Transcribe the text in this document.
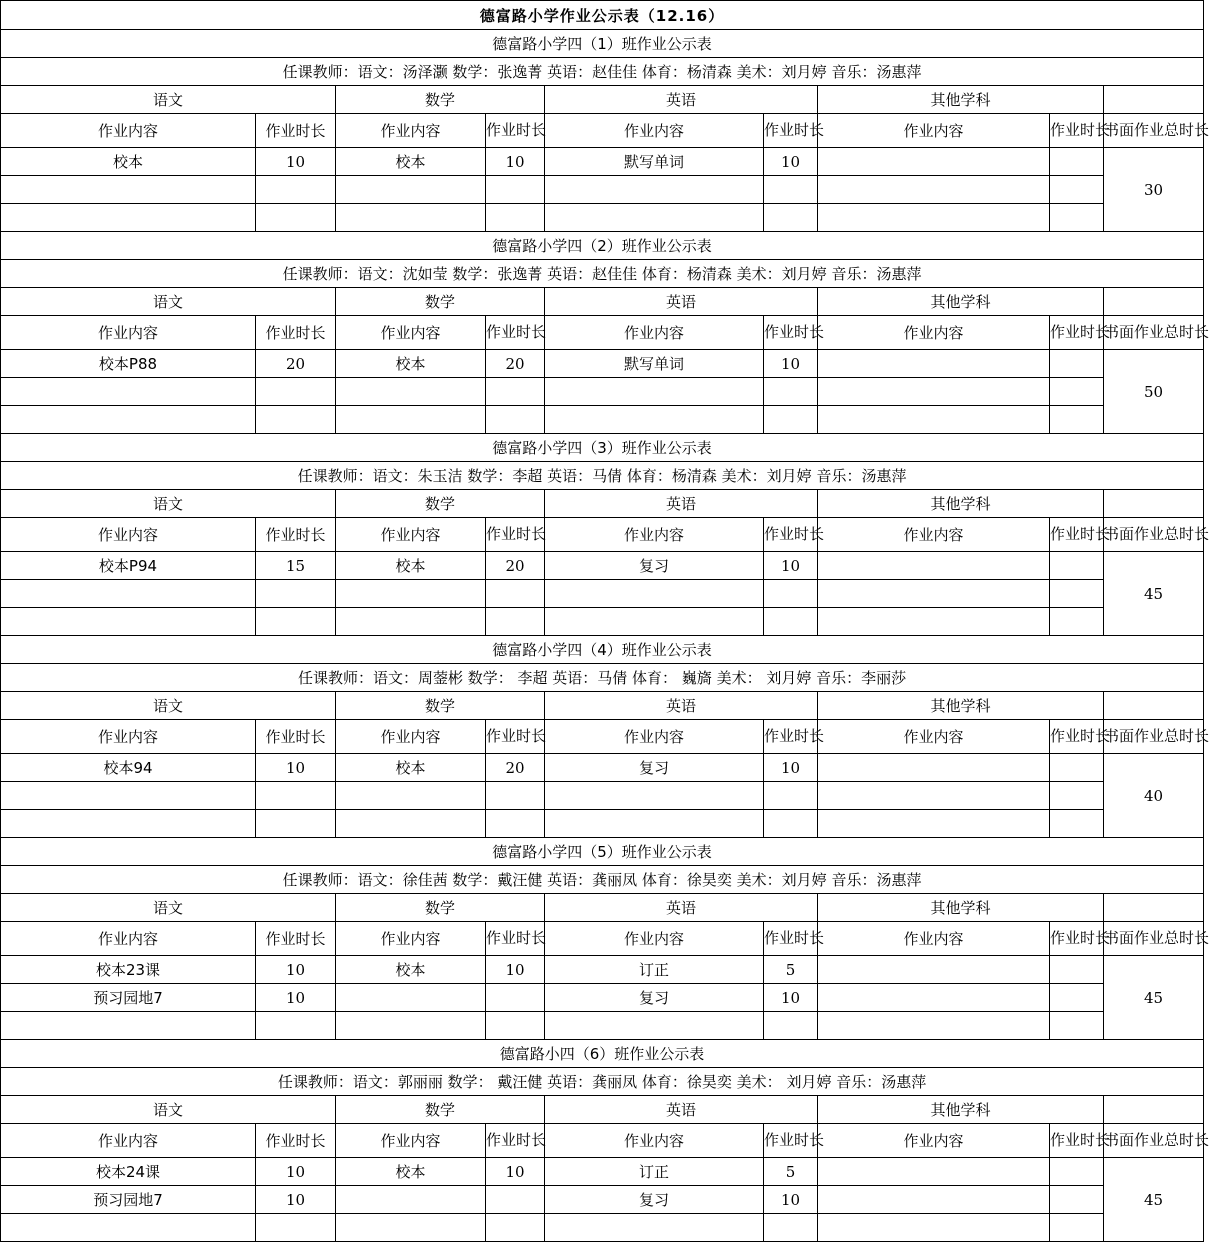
德富路小学作业公示表（12.16）								
德富路小学四（1）班作业公示表								
任课教师：语文：汤泽灏 数学：张逸菁 英语：赵佳佳 体育：杨清森 美术：刘月婷 音乐：汤惠萍								
语文		数学		英语		其他学科		
作业内容	作业时长	作业内容	作业时长	作业内容	作业时长	作业内容	作业时长	书面作业总时长
校本	10	校本	10	默写单词	10			30

德富路小学四（2）班作业公示表								
任课教师：语文：沈如莹 数学：张逸菁 英语：赵佳佳 体育：杨清森 美术：刘月婷 音乐：汤惠萍								
语文		数学		英语		其他学科		
作业内容	作业时长	作业内容	作业时长	作业内容	作业时长	作业内容	作业时长	书面作业总时长
校本P88	20	校本	20	默写单词	10			50

德富路小学四（3）班作业公示表								
任课教师：语文：朱玉洁 数学：李超 英语：马倩 体育：杨清森 美术：刘月婷 音乐：汤惠萍								
语文		数学		英语		其他学科		
作业内容	作业时长	作业内容	作业时长	作业内容	作业时长	作业内容	作业时长	书面作业总时长
校本P94	15	校本	20	复习	10			45

德富路小学四（4）班作业公示表								
任课教师：语文：周蓥彬 数学： 李超 英语：马倩 体育： 巍旖 美术： 刘月婷 音乐：李丽莎								
语文		数学		英语		其他学科		
作业内容	作业时长	作业内容	作业时长	作业内容	作业时长	作业内容	作业时长	书面作业总时长
校本94	10	校本	20	复习	10			40

德富路小学四（5）班作业公示表								
任课教师：语文：徐佳茜 数学：戴汪健 英语：龚丽凤 体育：徐昊奕 美术：刘月婷 音乐：汤惠萍								
语文		数学		英语		其他学科		
作业内容	作业时长	作业内容	作业时长	作业内容	作业时长	作业内容	作业时长	书面作业总时长
校本23课	10	校本	10	订正	5			45
预习园地7	10			复习	10			

德富路小四（6）班作业公示表								
任课教师：语文：郭丽丽 数学： 戴汪健 英语：龚丽凤 体育：徐昊奕 美术： 刘月婷 音乐：汤惠萍								
语文		数学		英语		其他学科		
作业内容	作业时长	作业内容	作业时长	作业内容	作业时长	作业内容	作业时长	书面作业总时长
校本24课	10	校本	10	订正	5			45
预习园地7	10			复习	10			
